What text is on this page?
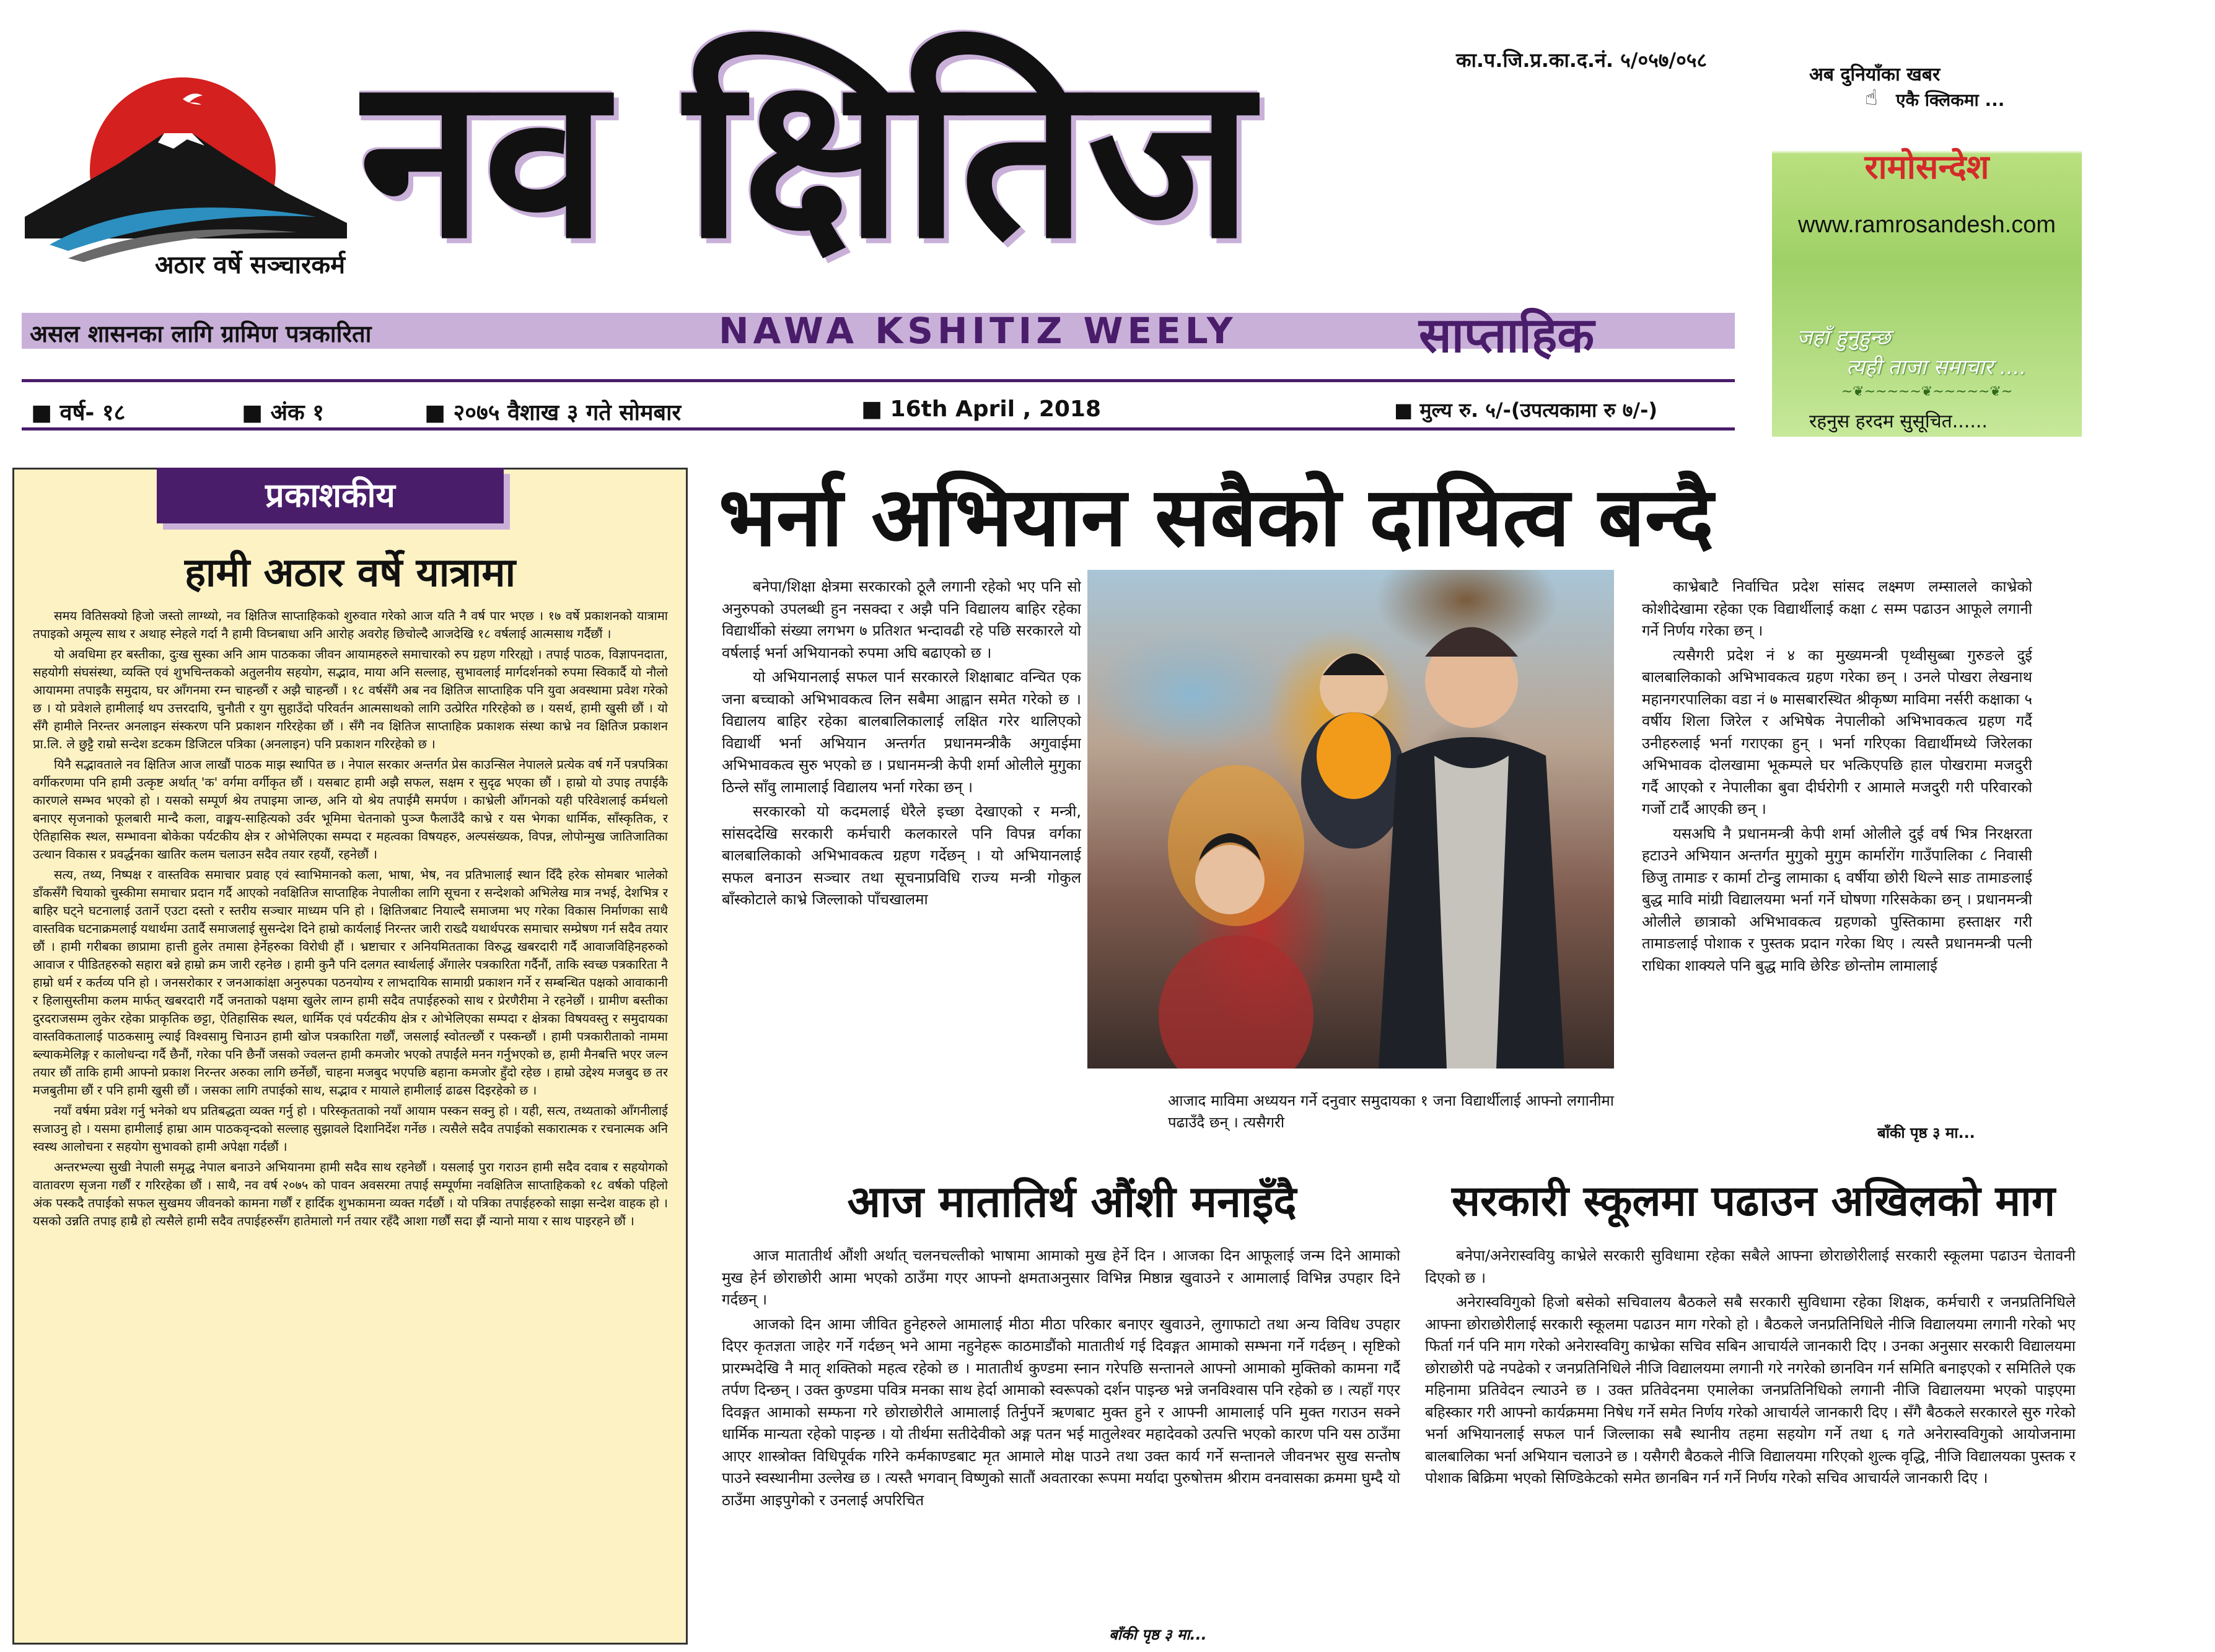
अठार वर्षे सञ्चारकर्म नव क्षितिज	का.प.जि.प्र.का.द.नं. ५/०५७/०५८
असल शासनका लागि ग्रामिण पत्रकारिता	NAWA KSHITIZ WEELY	साप्ताहिक
■ वर्ष- १८	■ अंक १	■ २०७५ वैशाख ३ गते सोमबार	■ 16th April , 2018	■ मुल्य रु. ५/-(उपत्यकामा रु ७/-)
अब दुनियाँका खबर
☝ एकै क्लिकमा ...
रामोसन्देश
www.ramrosandesh.com
जहाँ हुनुहुन्छ
त्यही ताजा समाचार ....
~❦~~~~~❦~~~~~❦~
रहनुस हरदम सुसूचित......
प्रकाशकीय
हामी अठार वर्षे यात्रामा

समय वितिसक्यो हिजो जस्तो लाग्थ्यो, नव क्षितिज साप्ताहिकको शुरुवात गरेको आज यति नै वर्ष पार भएछ । १७ वर्षे प्रकाशनको यात्रामा तपाइको अमूल्य साथ र अथाह स्नेहले गर्दा नै हामी विघ्नबाधा अनि आरोह अवरोह छिचोल्दै आजदेखि १८ वर्षलाई आत्मसाथ गर्दैछौं ।

यो अवधिमा हर बस्तीका, दुःख सुस्का अनि आम पाठकका जीवन आयामहरुले समाचारको रुप ग्रहण गरिरह्यो । तपाई पाठक, विज्ञापनदाता, सहयोगी संघसंस्था, व्यक्ति एवं शुभचिन्तकको अतुलनीय सहयोग, सद्भाव, माया अनि सल्लाह, सुभावलाई मार्गदर्शनको रुपमा स्विकार्दै यो नौलो आयाममा तपाइकै समुदाय, घर आँगनमा रम्न चाहन्छौं र अझै चाहन्छौं । १८ वर्षसँगै अब नव क्षितिज साप्ताहिक पनि युवा अवस्थामा प्रवेश गरेको छ । यो प्रवेशले हामीलाई थप उत्तरदायि, चुनौती र युग सुहाउँदो परिवर्तन आत्मसाथको लागि उत्प्रेरित गरिरहेको छ । यसर्थ, हामी खुसी छौं । यो सँगै हामीले निरन्तर अनलाइन संस्करण पनि प्रकाशन गरिरहेका छौं । सँगै नव क्षितिज साप्ताहिक प्रकाशक संस्था काभ्रे नव क्षितिज प्रकाशन प्रा.लि. ले छुट्टै राम्रो सन्देश डटकम डिजिटल पत्रिका (अनलाइन) पनि प्रकाशन गरिरहेको छ ।

यिनै सद्भावताले नव क्षितिज आज लाखौं पाठक माझ स्थापित छ । नेपाल सरकार अन्तर्गत प्रेस काउन्सिल नेपालले प्रत्येक वर्ष गर्ने पत्रपत्रिका वर्गीकरणमा पनि हामी उत्कृष्ट अर्थात् 'क' वर्गमा वर्गीकृत छौं । यसबाट हामी अझै सफल, सक्षम र सुदृढ भएका छौं । हाम्रो यो उपाइ तपाईकै कारणले सम्भव भएको हो । यसको सम्पूर्ण श्रेय तपाइमा जान्छ, अनि यो श्रेय तपाईमै समर्पण । काभ्रेली आँगनको यही परिवेशलाई कर्मथलो बनाएर सृजनाको फूलबारी मान्दै कला, वाङ्मय-साहित्यको उर्वर भूमिमा चेतनाको पुञ्ज फैलाउँदै काभ्रे र यस भेगका धार्मिक, साँस्कृतिक, र ऐतिहासिक स्थल, सम्भावना बोकेका पर्यटकीय क्षेत्र र ओभेलिएका सम्पदा र महत्वका विषयहरु, अल्पसंख्यक, विपन्न, लोपोन्मुख जातिजातिका उत्थान विकास र प्रवर्द्धनका खातिर कलम चलाउन सदैव तयार रहयौं, रहनेछौं ।

सत्य, तथ्य, निष्पक्ष र वास्तविक समाचार प्रवाह एवं स्वाभिमानको कला, भाषा, भेष, नव प्रतिभालाई स्थान दिँदै हरेक सोमबार भालेको डाँकसँगै चियाको चुस्कीमा समाचार प्रदान गर्दै आएको नवक्षितिज साप्ताहिक नेपालीका लागि सूचना र सन्देशको अभिलेख मात्र नभई, देशभित्र र बाहिर घट्ने घटनालाई उतार्ने एउटा दस्तो र स्तरीय सञ्चार माध्यम पनि हो । क्षितिजबाट नियाल्दै समाजमा भए गरेका विकास निर्माणका साथै वास्तविक घटनाक्रमलाई यथार्थमा उतार्दै समाजलाई सुसन्देश दिने हाम्रो कार्यलाई निरन्तर जारी राख्दै यथार्थपरक समाचार सम्प्रेषण गर्न सदैव तयार छौं । हामी गरीबका छाप्रामा हात्ती हुलेर तमासा हेर्नेहरुका विरोधी हौं । भ्रष्टाचार र अनियमितताका विरुद्ध खबरदारी गर्दै आवाजविहिनहरुको आवाज र पीडितहरुको सहारा बन्ने हाम्रो क्रम जारी रहनेछ । हामी कुनै पनि दलगत स्वार्थलाई अँगालेर पत्रकारिता गर्दैनौं, ताकि स्वच्छ पत्रकारिता नै हाम्रो धर्म र कर्तव्य पनि हो । जनसरोकार र जनआकांक्षा अनुरुपका पठनयोग्य र लाभदायिक सामाग्री प्रकाशन गर्ने र सम्बन्धित पक्षको आवाकानी र हिलासुस्तीमा कलम मार्फत् खबरदारी गर्दै जनताको पक्षमा खुलेर लाग्न हामी सदैव तपाईहरुको साथ र प्रेरणैरीमा ने रहनेछौं । ग्रामीण बस्तीका दुरदराजसम्म लुकेर रहेका प्राकृतिक छट्टा, ऐतिहासिक स्थल, धार्मिक एवं पर्यटकीय क्षेत्र र ओभेलिएका सम्पदा र क्षेत्रका विषयवस्तु र समुदायका वास्तविकतालाई पाठकसामु ल्याई विश्वसामु चिनाउन हामी खोज पत्रकारिता गर्छौं, जसलाई स्वोतल्छौं र पस्कन्छौं । हामी पत्रकारीताको नाममा ब्ल्याकमेलिङ्ग र कालोधन्दा गर्दै छैनौं, गरेका पनि छैनौं जसको ज्वलन्त हामी कमजोर भएको तपाईंले मनन गर्नुभएको छ, हामी मैनबत्ति भएर जल्न तयार छौं ताकि हामी आफ्नो प्रकाश निरन्तर अरुका लागि छर्नेछौं, चाहना मजबुद भएपछि बहाना कमजोर हुँदो रहेछ । हाम्रो उद्देश्य मजबुद छ तर मजबुतीमा छौं र पनि हामी खुसी छौं । जसका लागि तपाईको साथ, सद्भाव र मायाले हामीलाई ढाढस दिइरहेको छ ।

नयाँ वर्षमा प्रवेश गर्नु भनेको थप प्रतिबद्धता व्यक्त गर्नु हो । परिस्कृतताको नयाँ आयाम पस्कन सक्नु हो । यही, सत्य, तथ्यताको आँगनीलाई सजाउनु हो । यसमा हामीलाई हाम्रा आम पाठकवृन्दको सल्लाह सुझावले दिशानिर्देश गर्नेछ । त्यसैले सदैव तपाईको सकारात्मक र रचनात्मक अनि स्वस्थ आलोचना र सहयोग सुभावको हामी अपेक्षा गर्दछौं ।

अन्तरभ्ग्ल्या सुखी नेपाली समृद्ध नेपाल बनाउने अभियानमा हामी सदैव साथ रहनेछौं । यसलाई पुरा गराउन हामी सदैव दवाब र सहयोगको वातावरण सृजना गर्छौं र गरिरहेका छौं । साथै, नव वर्ष २०७५ को पावन अवसरमा तपाई सम्पूर्णमा नवक्षितिज साप्ताहिकको १८ वर्षको पहिलो अंक पस्कदै तपाईको सफल सुखमय जीवनको कामना गर्छौं र हार्दिक शुभकामना व्यक्त गर्दछौं । यो पत्रिका तपाईहरुको साझा सन्देश वाहक हो । यसको उन्नति तपाइ हाम्रै हो त्यसैले हामी सदैव तपाईहरुसँग हातेमालो गर्न तयार रहँदै आशा गर्छौं सदा झैं न्यानो माया र साथ पाइरहने छौं ।

भर्ना अभियान सबैको दायित्व बन्दै

बनेपा/शिक्षा क्षेत्रमा सरकारको ठूलै लगानी रहेको भए पनि सो अनुरुपको उपलब्धी हुन नसक्दा र अझै पनि विद्यालय बाहिर रहेका विद्यार्थीको संख्या लगभग ७ प्रतिशत भन्दावढी रहे पछि सरकारले यो वर्षलाई भर्ना अभियानको रुपमा अघि बढाएको छ ।

यो अभियानलाई सफल पार्न सरकारले शिक्षाबाट वन्चित एक जना बच्चाको अभिभावकत्व लिन सबैमा आह्वान समेत गरेको छ । विद्यालय बाहिर रहेका बालबालिकालाई लक्षित गरेर थालिएको विद्यार्थी भर्ना अभियान अन्तर्गत प्रधानमन्त्रीकै अगुवाईमा अभिभावकत्व सुरु भएको छ । प्रधानमन्त्री केपी शर्मा ओलीले मुगुका ठिन्ले साँवु लामालाई विद्यालय भर्ना गरेका छन् ।

सरकारको यो कदमलाई धेरैले इच्छा देखाएको र मन्त्री, सांसददेखि सरकारी कर्मचारी कलकारले पनि विपन्न वर्गका बालबालिकाको अभिभावकत्व ग्रहण गर्देछन् । यो अभियानलाई सफल बनाउन सञ्चार तथा सूचनाप्रविधि राज्य मन्त्री गोकुल बाँस्कोटाले काभ्रे जिल्लाको पाँचखालमा

आजाद माविमा अध्ययन गर्ने दनुवार समुदायका १ जना विद्यार्थीलाई आफ्नो लगानीमा पढाउँदै छन् । त्यसैगरी

काभ्रेबाटै निर्वाचित प्रदेश सांसद लक्ष्मण लम्सालले काभ्रेको कोशीदेखामा रहेका एक विद्यार्थीलाई कक्षा ८ सम्म पढाउन आफूले लगानी गर्ने निर्णय गरेका छन् ।

त्यसैगरी प्रदेश नं ४ का मुख्यमन्त्री पृथ्वीसुब्बा गुरुङले दुई बालबालिकाको अभिभावकत्व ग्रहण गरेका छन् । उनले पोखरा लेखनाथ महानगरपालिका वडा नं ७ मासबारस्थित श्रीकृष्ण माविमा नर्सरी कक्षाका ५ वर्षीय शिला जिरेल र अभिषेक नेपालीको अभिभावकत्व ग्रहण गर्दै उनीहरुलाई भर्ना गराएका हुन् । भर्ना गरिएका विद्यार्थीमध्ये जिरेलका अभिभावक दोलखामा भूकम्पले घर भत्किएपछि हाल पोखरामा मजदुरी गर्दै आएको र नेपालीका बुवा दीर्घरोगी र आमाले मजदुरी गरी परिवारको गर्जो टार्दै आएकी छन् ।

यसअघि नै प्रधानमन्त्री केपी शर्मा ओलीले दुई वर्ष भित्र निरक्षरता हटाउने अभियान अन्तर्गत मुगुको मुगुम कार्मारोंग गाउँपालिका ८ निवासी छिजु तामाङ र कार्मा टोन्डु लामाका ६ वर्षीया छोरी थिल्ने साङ तामाङलाई बुद्ध मावि मांग्री विद्यालयमा भर्ना गर्ने घोषणा गरिसकेका छन् । प्रधानमन्त्री ओलीले छात्राको अभिभावकत्व ग्रहणको पुस्तिकामा हस्ताक्षर गरी तामाङलाई पोशाक र पुस्तक प्रदान गरेका थिए । त्यस्तै प्रधानमन्त्री पत्नी राधिका शाक्यले पनि बुद्ध मावि छेरिङ छोन्तोम लामालाई

बाँकी पृष्ठ ३ मा...
आज मातातिर्थ औंशी मनाइँदै

आज मातातीर्थ औंशी अर्थात् चलनचल्तीको भाषामा आमाको मुख हेर्ने दिन । आजका दिन आफूलाई जन्म दिने आमाको मुख हेर्न छोराछोरी आमा भएको ठाउँमा गएर आफ्नो क्षमताअनुसार विभिन्न मिष्ठान्न खुवाउने र आमालाई विभिन्न उपहार दिने गर्दछन् ।

आजको दिन आमा जीवित हुनेहरुले आमालाई मीठा मीठा परिकार बनाएर खुवाउने, लुगाफाटो तथा अन्य विविध उपहार दिएर कृतज्ञता जाहेर गर्ने गर्दछन् भने आमा नहुनेहरू काठमाडौंको मातातीर्थ गई दिवङ्गत आमाको सम्भना गर्ने गर्दछन् । सृष्टिको प्रारम्भदेखि नै मातृ शक्तिको महत्व रहेको छ । मातातीर्थ कुण्डमा स्नान गरेपछि सन्तानले आफ्नो आमाको मुक्तिको कामना गर्दै तर्पण दिन्छन् । उक्त कुण्डमा पवित्र मनका साथ हेर्दा आमाको स्वरूपको दर्शन पाइन्छ भन्ने जनविश्वास पनि रहेको छ । त्यहाँ गएर दिवङ्गत आमाको सम्फना गरे छोराछोरीले आमालाई तिर्नुपर्ने ऋणबाट मुक्त हुने र आफ्नी आमालाई पनि मुक्त गराउन सक्ने धार्मिक मान्यता रहेको पाइन्छ । यो तीर्थमा सतीदेवीको अङ्ग पतन भई मातुलेश्वर महादेवको उत्पत्ति भएको कारण पनि यस ठाउँमा आएर शास्त्रोक्त विधिपूर्वक गरिने कर्मकाण्डबाट मृत आमाले मोक्ष पाउने तथा उक्त कार्य गर्ने सन्तानले जीवनभर सुख सन्तोष पाउने स्वस्थानीमा उल्लेख छ । त्यस्तै भगवान् विष्णुको सातौं अवतारका रूपमा मर्यादा पुरुषोत्तम श्रीराम वनवासका क्रममा घुम्दै यो ठाउँमा आइपुगेको र उनलाई अपरिचित

बाँकी पृष्ठ ३ मा...
सरकारी स्कूलमा पढाउन अखिलको माग

बनेपा/अनेरास्ववियु काभ्रेले सरकारी सुविधामा रहेका सबैले आफ्ना छोराछोरीलाई सरकारी स्कूलमा पढाउन चेतावनी दिएको छ ।

अनेरास्वविगुको हिजो बसेको सचिवालय बैठकले सबै सरकारी सुविधामा रहेका शिक्षक, कर्मचारी र जनप्रतिनिधिले आफ्ना छोराछोरीलाई सरकारी स्कूलमा पढाउन माग गरेको हो । बैठकले जनप्रतिनिधिले नीजि विद्यालयमा लगानी गरेको भए फिर्ता गर्न पनि माग गरेको अनेरास्वविगु काभ्रेका सचिव सबिन आचार्यले जानकारी दिए । उनका अनुसार सरकारी विद्यालयमा छोराछोरी पढे नपढेको र जनप्रतिनिधिले नीजि विद्यालयमा लगानी गरे नगरेको छानविन गर्न समिति बनाइएको र समितिले एक महिनामा प्रतिवेदन ल्याउने छ । उक्त प्रतिवेदनमा एमालेका जनप्रतिनिधिको लगानी नीजि विद्यालयमा भएको पाइएमा बहिस्कार गरी आफ्नो कार्यक्रममा निषेध गर्ने समेत निर्णय गरेको आचार्यले जानकारी दिए । सँगै बैठकले सरकारले सुरु गरेको भर्ना अभियानलाई सफल पार्न जिल्लाका सबै स्थानीय तहमा सहयोग गर्ने तथा ६ गते अनेरास्वविगुको आयोजनामा बालबालिका भर्ना अभियान चलाउने छ । यसैगरी बैठकले नीजि विद्यालयमा गरिएको शुल्क वृद्धि, नीजि विद्यालयका पुस्तक र पोशाक बिक्रिमा भएको सिण्डिकेटको समेत छानबिन गर्न गर्ने निर्णय गरेको सचिव आचार्यले जानकारी दिए ।
